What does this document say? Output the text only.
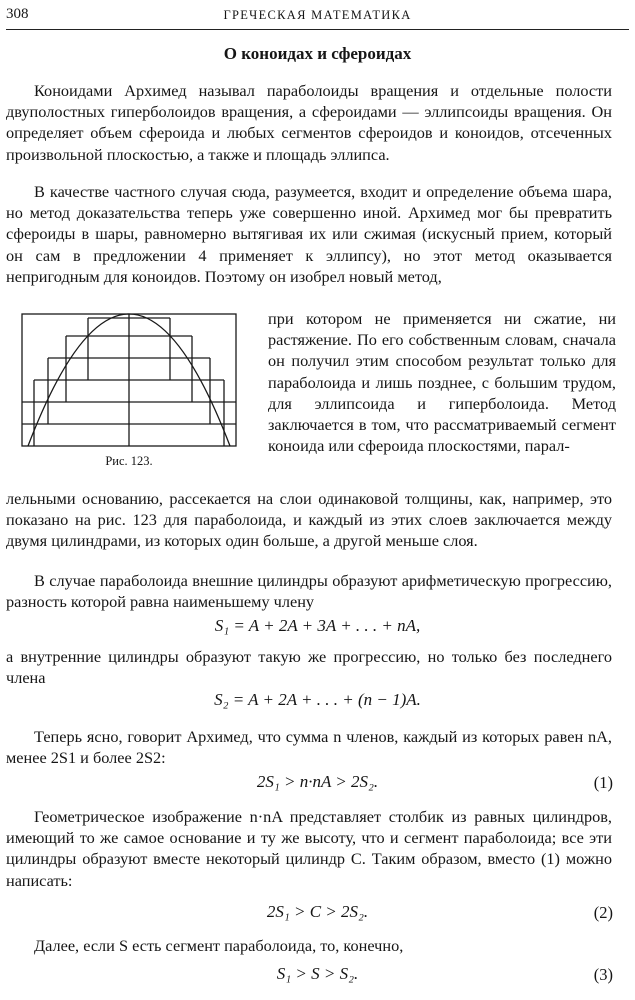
308	ГРЕЧЕСКАЯ МАТЕМАТИКА
О коноидах и сфероидах

Коноидами Архимед называл параболоиды вращения и отдельные полости двуполостных гиперболоидов вращения, а сфероидами — эллипсоиды вращения. Он определяет объем сфероида и любых сегментов сфероидов и коноидов, отсеченных произвольной плоскостью, а также и площадь эллипса.

В качестве частного случая сюда, разумеется, входит и определение объема шара, но метод доказательства теперь уже совершенно иной. Архимед мог бы превратить сфероиды в шары, равномерно вытягивая их или сжимая (искусный прием, который он сам в предложении 4 применяет к эллипсу), но этот метод оказывается непригодным для коноидов. Поэтому он изобрел новый метод,

Рис. 123.

при котором не применяется ни сжатие, ни растяжение. По его собственным словам, сначала он получил этим способом результат только для параболоида и лишь позднее, с большим трудом, для эллипсоида и гиперболоида. Метод заключается в том, что рассматриваемый сегмент коноида или сфероида плоскостями, парал-

лельными основанию, рассекается на слои одинаковой толщины, как, например, это показано на рис. 123 для параболоида, и каждый из этих слоев заключается между двумя цилиндрами, из которых один больше, а другой меньше слоя.

В случае параболоида внешние цилиндры образуют арифметическую прогрессию, разность которой равна наименьшему члену

S₁ = A + 2A + 3A + . . . + nA,

а внутренние цилиндры образуют такую же прогрессию, но только без последнего члена

S₂ = A + 2A + . . . + (n − 1)A.

Теперь ясно, говорит Архимед, что сумма n членов, каждый из которых равен nA, менее 2S1 и более 2S2:

2S₁ > n·nA > 2S₂.	(1)

Геометрическое изображение n·nA представляет столбик из равных цилиндров, имеющий то же самое основание и ту же высоту, что и сегмент параболоида; все эти цилиндры образуют вместе некоторый цилиндр C. Таким образом, вместо (1) можно написать:

2S₁ > C > 2S₂.	(2)

Далее, если S есть сегмент параболоида, то, конечно,

S₁ > S > S₂.	(3)
